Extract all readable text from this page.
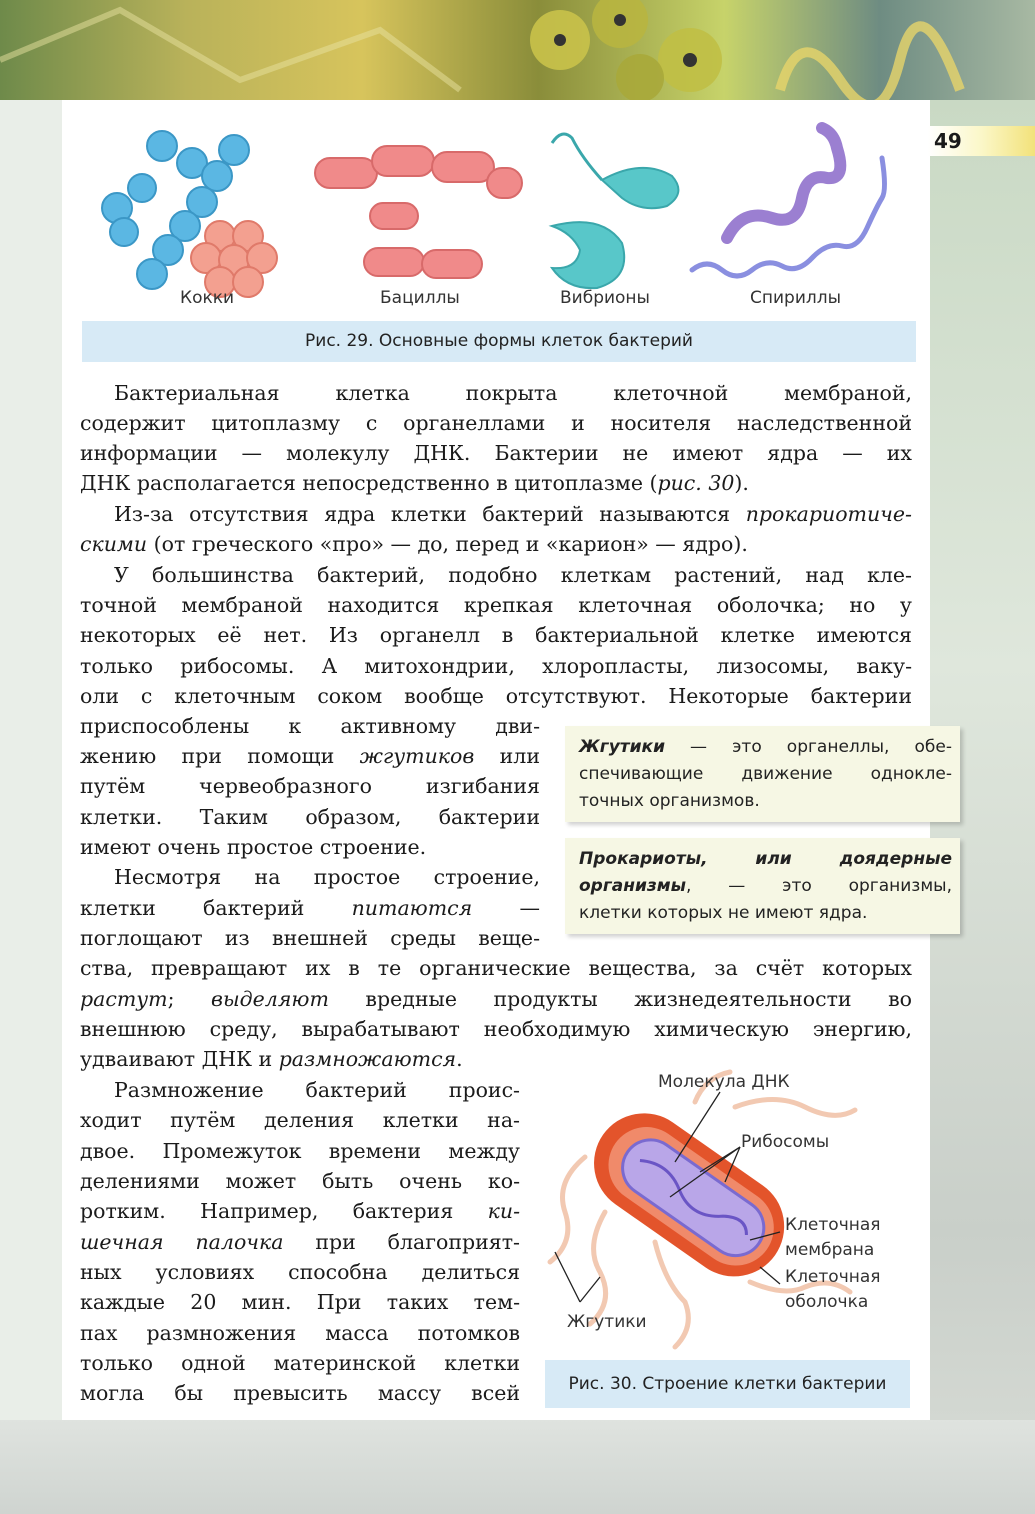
49
Кокки	Бациллы	Вибрионы	Спириллы
Рис. 29. Основные формы клеток бактерий

Бактериальная клетка покрыта клеточной мембраной,

содержит цитоплазму с органеллами и носителя наследственной

информации — молекулу ДНК. Бактерии не имеют ядра — их

ДНК располагается непосредственно в цитоплазме (рис. 30).

Из-за отсутствия ядра клетки бактерий называются прокариотиче-

скими (от греческого «про» — до, перед и «карион» — ядро).

У большинства бактерий, подобно клеткам растений, над кле-

точной мембраной находится крепкая клеточная оболочка; но у

некоторых её нет. Из органелл в бактериальной клетке имеются

только рибосомы. А митохондрии, хлоропласты, лизосомы, ваку-

оли с клеточным соком вообще отсутствуют. Некоторые бактерии

приспособлены к активному дви-

жению при помощи жгутиков или

путём червеобразного изгибания

клетки. Таким образом, бактерии

имеют очень простое строение.

Несмотря на простое строение,

клетки бактерий питаются —

поглощают из внешней среды веще-

ства, превращают их в те органические вещества, за счёт которых

растут; выделяют вредные продукты жизнедеятельности во

внешнюю среду, вырабатывают необходимую химическую энергию,

удваивают ДНК и размножаются.

Размножение бактерий проис-

ходит путём деления клетки на-

двое. Промежуток времени между

делениями может быть очень ко-

ротким. Например, бактерия ки-

шечная палочка при благоприят-

ных условиях способна делиться

каждые 20 мин. При таких тем-

пах размножения масса потомков

только одной материнской клетки

могла бы превысить массу всей

Жгутики — это органеллы, обе-
спечивающие движение однокле-
точных организмов.
Прокариоты, или доядерные
организмы, — это организмы,
клетки которых не имеют ядра.
Молекула ДНК
Рибосомы
Клеточная
мембрана
Клеточная
оболочка
Жгутики
Рис. 30. Строение клетки бактерии
